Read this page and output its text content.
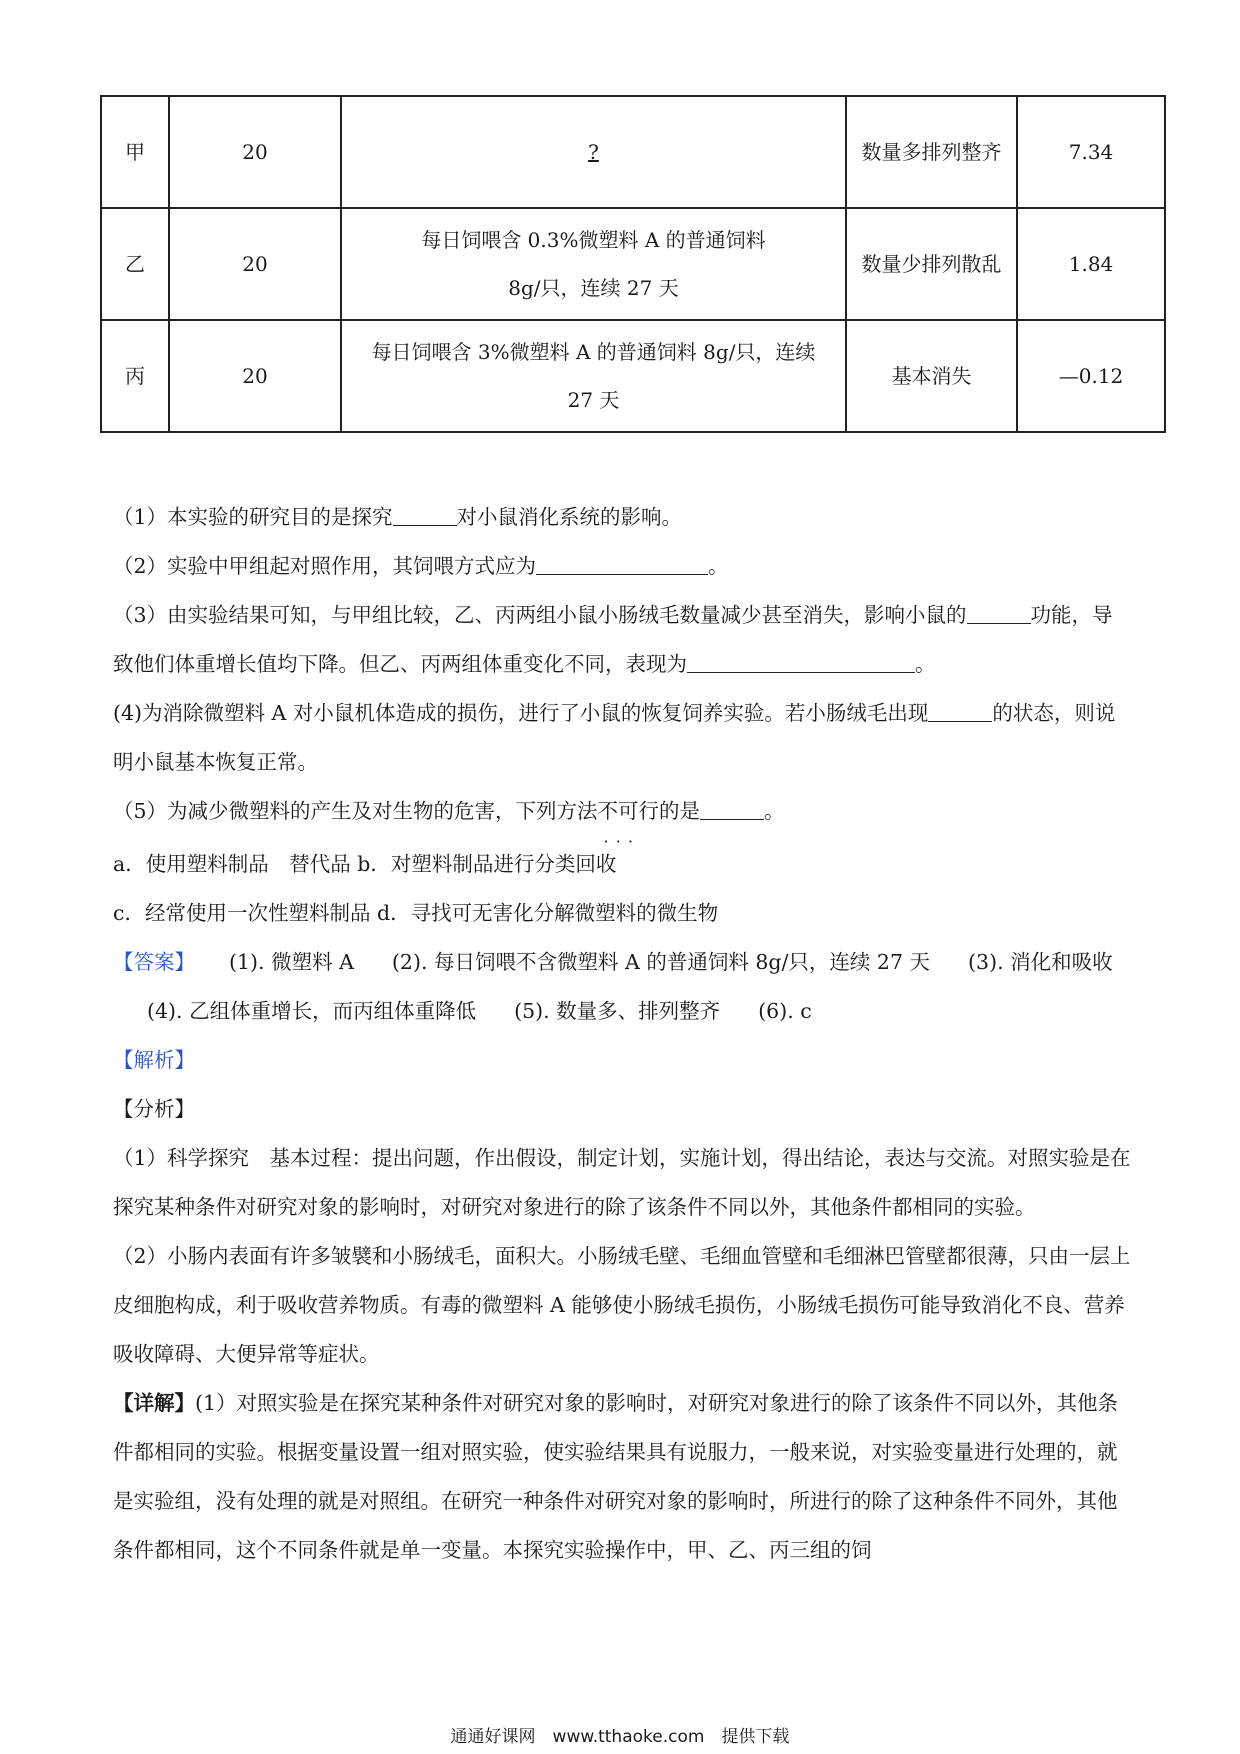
甲	20	?	数量多排列整齐	7.34
乙	20	每日饲喂含 0.3%微塑料 A 的普通饲料 8g/只，连续 27 天	数量少排列散乱	1.84
丙	20	每日饲喂含 3%微塑料 A 的普通饲料 8g/只，连续 27 天	基本消失	—0.12

（1）本实验的研究目的是探究	对小鼠消化系统的影响。

（2）实验中甲组起对照作用，其饲喂方式应为	。

（3）由实验结果可知，与甲组比较，乙、丙两组小鼠小肠绒毛数量减少甚至消失，影响小鼠的	功能，导致他们体重增长值均下降。但乙、丙两组体重变化不同，表现为	。

(4)为消除微塑料 A 对小鼠机体造成的损伤，进行了小鼠的恢复饲养实验。若小肠绒毛出现	的状态，则说明小鼠基本恢复正常。

（5）为减少微塑料的产生及对生物的危害，下列方法不可行 · ·的是	。

a．使用塑料制品　替代品 b．对塑料制品进行分类回收

c．经常使用一次性塑料制品 d．寻找可无害化分解微塑料的微生物

【答案】 (1). 微塑料 A (2). 每日饲喂不含微塑料 A 的普通饲料 8g/只，连续 27 天 (3). 消化和吸收 (4). 乙组体重增长，而丙组体重降低 (5). 数量多、排列整齐 (6). c

【解析】

【分析】

（1）科学探究　基本过程：提出问题，作出假设，制定计划，实施计划，得出结论，表达与交流。对照实验是在探究某种条件对研究对象的影响时，对研究对象进行的除了该条件不同以外，其他条件都相同的实验。

（2）小肠内表面有许多皱襞和小肠绒毛，面积大。小肠绒毛壁、毛细血管壁和毛细淋巴管壁都很薄，只由一层上皮细胞构成，利于吸收营养物质。有毒的微塑料 A 能够使小肠绒毛损伤，小肠绒毛损伤可能导致消化不良、营养吸收障碍、大便异常等症状。

【详解】(1）对照实验是在探究某种条件对研究对象的影响时，对研究对象进行的除了该条件不同以外，其他条件都相同的实验。根据变量设置一组对照实验，使实验结果具有说服力，一般来说，对实验变量进行处理的，就是实验组，没有处理的就是对照组。在研究一种条件对研究对象的影响时，所进行的除了这种条件不同外，其他条件都相同，这个不同条件就是单一变量。本探究实验操作中，甲、乙、丙三组的饲

通通好课网　www.tthaoke.com　提供下载
